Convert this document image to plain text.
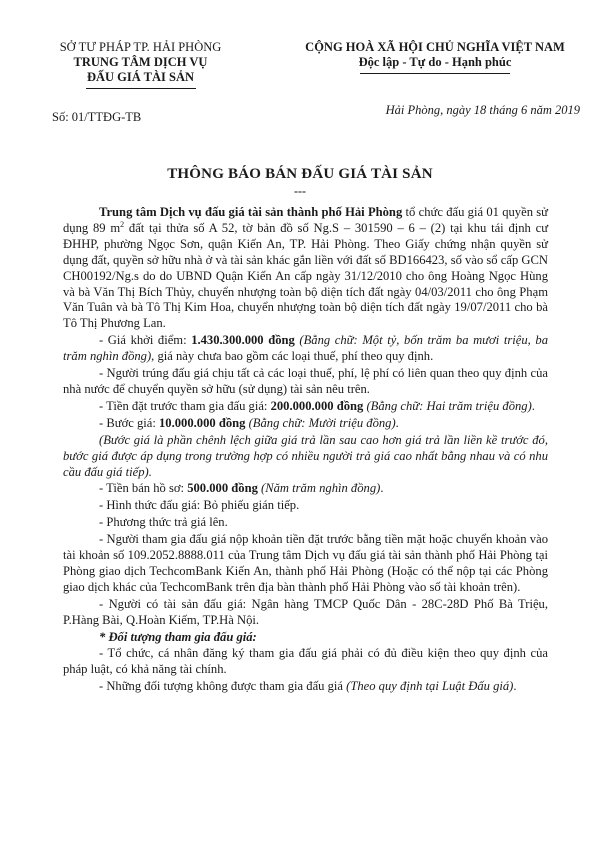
SỞ TƯ PHÁP TP. HẢI PHÒNG
TRUNG TÂM DỊCH VỤ
ĐẤU GIÁ TÀI SẢN
Số: 01/TTĐG-TB
CỘNG HOÀ XÃ HỘI CHỦ NGHĨA VIỆT NAM
Độc lập - Tự do - Hạnh phúc
Hải Phòng, ngày 18 tháng 6 năm 2019
THÔNG BÁO BÁN ĐẤU GIÁ TÀI SẢN
---

Trung tâm Dịch vụ đấu giá tài sản thành phố Hải Phòng tổ chức đấu giá 01 quyền sử dụng 89 $m^2$ đất tại thửa số A 52, tờ bản đồ số Ng.S – 301590 – 6 – (2) tại khu tái định cư ĐHHP, phường Ngọc Sơn, quận Kiến An, TP. Hải Phòng. Theo Giấy chứng nhận quyền sử dụng đất, quyền sở hữu nhà ở và tài sản khác gắn liền với đất số BD166423, số vào sổ cấp GCN CH00192/Ng.s do do UBND Quận Kiến An cấp ngày 31/12/2010 cho ông Hoàng Ngọc Hùng và bà Văn Thị Bích Thủy, chuyển nhượng toàn bộ diện tích đất ngày 04/03/2011 cho ông Phạm Văn Tuân và bà Tô Thị Kim Hoa, chuyển nhượng toàn bộ diện tích đất ngày 19/07/2011 cho bà Tô Thị Phương Lan.

- Giá khởi điểm: 1.430.300.000 đồng (Bằng chữ: Một tỷ, bốn trăm ba mươi triệu, ba trăm nghìn đồng), giá này chưa bao gồm các loại thuế, phí theo quy định.

- Người trúng đấu giá chịu tất cả các loại thuế, phí, lệ phí có liên quan theo quy định của nhà nước để chuyển quyền sở hữu (sử dụng) tài sản nêu trên.

- Tiền đặt trước tham gia đấu giá: 200.000.000 đồng (Bằng chữ: Hai trăm triệu đồng).

- Bước giá: 10.000.000 đồng (Bằng chữ: Mười triệu đồng).

(Bước giá là phần chênh lệch giữa giá trả lần sau cao hơn giá trả lần liền kề trước đó, bước giá được áp dụng trong trường hợp có nhiều người trả giá cao nhất bằng nhau và có nhu cầu đấu giá tiếp).

- Tiền bán hồ sơ: 500.000 đồng (Năm trăm nghìn đồng).

- Hình thức đấu giá: Bỏ phiếu gián tiếp.

- Phương thức trả giá lên.

- Người tham gia đấu giá nộp khoản tiền đặt trước bằng tiền mặt hoặc chuyển khoản vào tài khoản số 109.2052.8888.011 của Trung tâm Dịch vụ đấu giá tài sản thành phố Hải Phòng tại Phòng giao dịch TechcomBank Kiến An, thành phố Hải Phòng (Hoặc có thể nộp tại các Phòng giao dịch khác của TechcomBank trên địa bàn thành phố Hải Phòng vào số tài khoản trên).

- Người có tài sản đấu giá: Ngân hàng TMCP Quốc Dân - 28C-28D Phố Bà Triệu, P.Hàng Bài, Q.Hoàn Kiếm, TP.Hà Nội.

* Đối tượng tham gia đấu giá:

- Tổ chức, cá nhân đăng ký tham gia đấu giá phải có đủ điều kiện theo quy định của pháp luật, có khả năng tài chính.

- Những đối tượng không được tham gia đấu giá (Theo quy định tại Luật Đấu giá).
